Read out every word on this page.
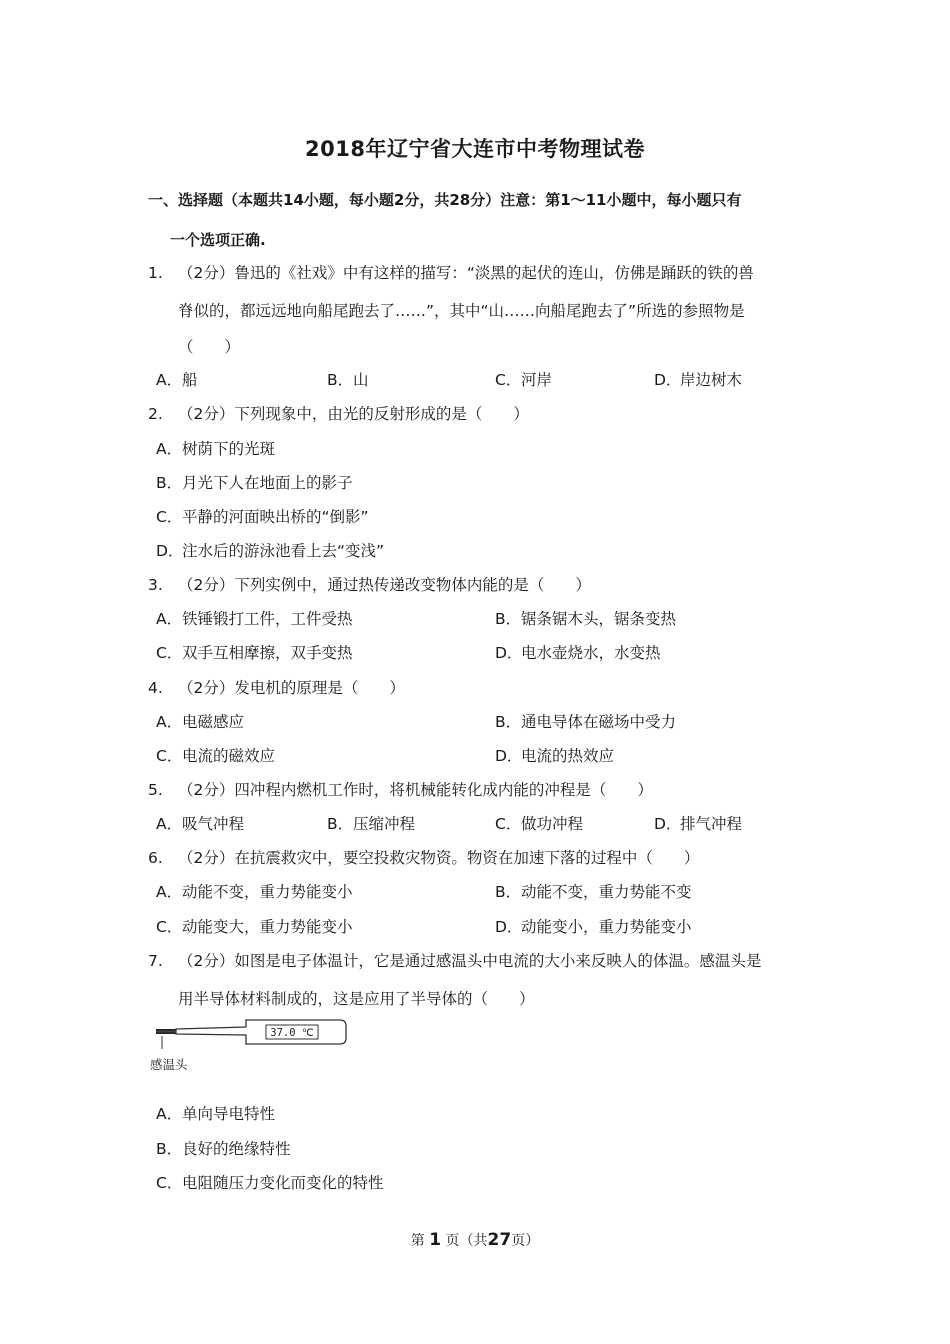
2018年辽宁省大连市中考物理试卷
一、选择题（本题共14小题，每小题2分，共28分）注意：第1～11小题中，每小题只有
一个选项正确.
1. （2分）鲁迅的《社戏》中有这样的描写：“淡黑的起伏的连山，仿佛是踊跃的铁的兽
脊似的，都远远地向船尾跑去了……”，其中“山……向船尾跑去了”所选的参照物是
（　　）
A．船	B．山	C．河岸	D．岸边树木
2. （2分）下列现象中，由光的反射形成的是（　　）
A．树荫下的光斑
B．月光下人在地面上的影子
C．平静的河面映出桥的“倒影”
D．注水后的游泳池看上去“变浅”
3. （2分）下列实例中，通过热传递改变物体内能的是（　　）
A．铁锤锻打工件，工件受热	B．锯条锯木头，锯条变热
C．双手互相摩擦，双手变热	D．电水壶烧水，水变热
4. （2分）发电机的原理是（　　）
A．电磁感应	B．通电导体在磁场中受力
C．电流的磁效应	D．电流的热效应
5. （2分）四冲程内燃机工作时，将机械能转化成内能的冲程是（　　）
A．吸气冲程	B．压缩冲程	C．做功冲程	D．排气冲程
6. （2分）在抗震救灾中，要空投救灾物资。物资在加速下落的过程中（　　）
A．动能不变，重力势能变小	B．动能不变，重力势能不变
C．动能变大，重力势能变小	D．动能变小，重力势能变小
7. （2分）如图是电子体温计，它是通过感温头中电流的大小来反映人的体温。感温头是
用半导体材料制成的，这是应用了半导体的（　　）
37.0 ℃
感温头
A．单向导电特性
B．良好的绝缘特性
C．电阻随压力变化而变化的特性
第 1 页（共27页）
